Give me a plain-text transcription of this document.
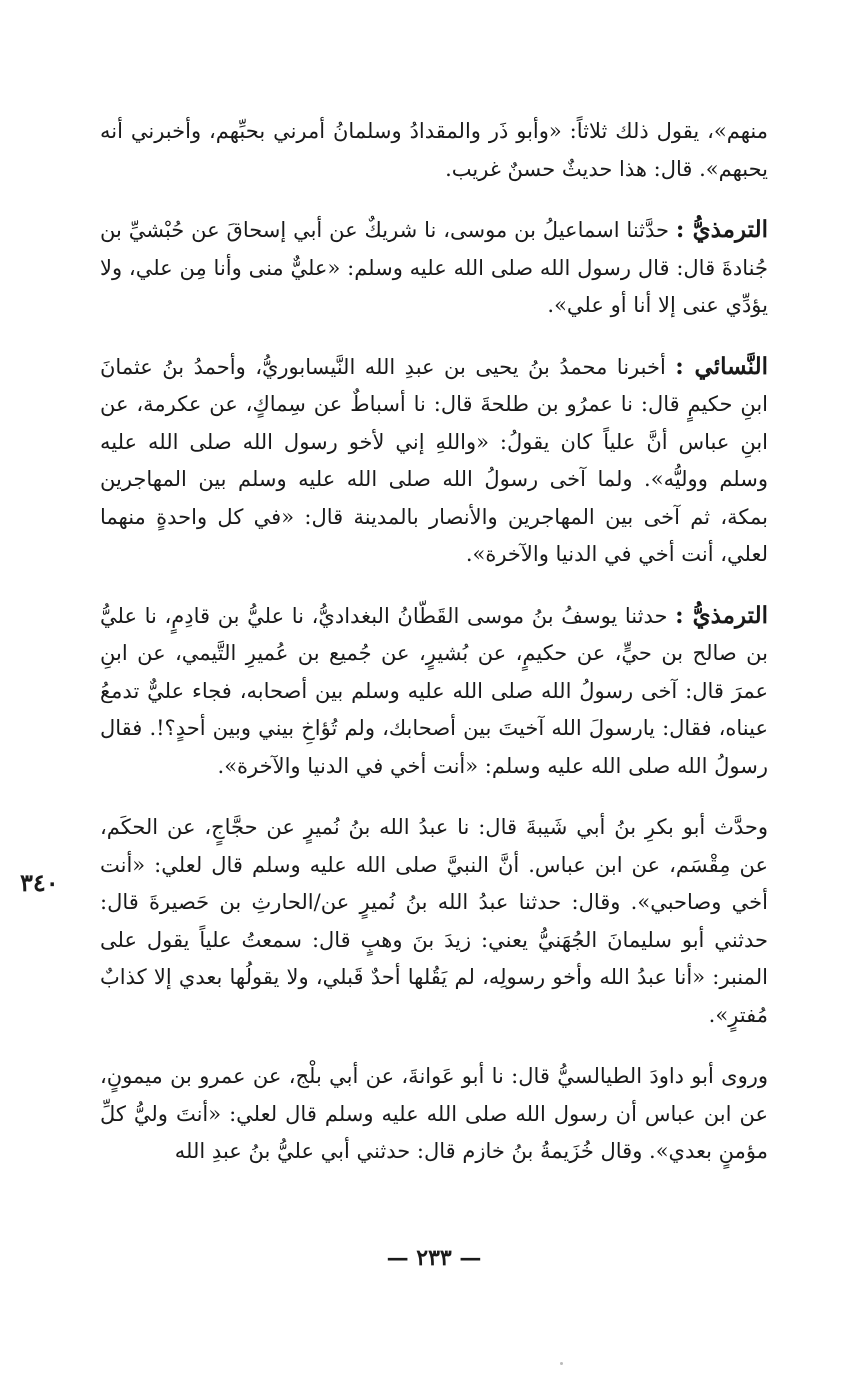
منهم»، يقول ذلك ثلاثاً: «وأبو ذَر والمقدادُ وسلمانُ أمرني بحبِّهم، وأخبرني أنه يحبهم». قال: هذا حديثٌ حسنٌ غريب.

الترمذيُّ : حدَّثنا اسماعيلُ بن موسى، نا شريكٌ عن أبي إسحاقَ عن حُبْشيِّ بن جُنادةَ قال: قال رسول الله صلى الله عليه وسلم: «عليٌّ منى وأنا مِن علي، ولا يؤدِّي عنى إلا أنا أو علي».

النَّسائي : أخبرنا محمدُ بنُ يحيى بن عبدِ الله النَّيسابوريُّ، وأحمدُ بنُ عثمانَ ابنِ حكيمٍ قال: نا عمرُو بن طلحةَ قال: نا أسباطٌ عن سِماكٍ، عن عكرمة، عن ابنِ عباس أنَّ علياً كان يقولُ: «واللهِ إني لأخو رسول الله صلى الله عليه وسلم ووليُّه». ولما آخى رسولُ الله صلى الله عليه وسلم بين المهاجرين بمكة، ثم آخى بين المهاجرين والأنصار بالمدينة قال: «في كل واحدةٍ منهما لعلي، أنت أخي في الدنيا والآخرة».

الترمذيُّ : حدثنا يوسفُ بنُ موسى القَطّانُ البغداديُّ، نا عليُّ بن قادِمٍ، نا عليُّ بن صالح بن حيٍّ، عن حكيمٍ، عن بُشيرٍ، عن جُميع بن عُميرِ التَّيمي، عن ابنِ عمرَ قال: آخى رسولُ الله صلى الله عليه وسلم بين أصحابه، فجاء عليٌّ تدمعُ عيناه، فقال: يارسولَ الله آخيتَ بين أصحابك، ولم تُؤاخِ بيني وبين أحدٍ؟!. فقال رسولُ الله صلى الله عليه وسلم: «أنت أخي في الدنيا والآخرة».

وحدَّث أبو بكرِ بنُ أبي شَيبةَ قال: نا عبدُ الله بنُ نُميرٍ عن حجَّاجٍ، عن الحكَم، عن مِقْسَم، عن ابن عباس. أنَّ النبيَّ صلى الله عليه وسلم قال لعلي: «أنت أخي وصاحبي». وقال: حدثنا عبدُ الله بنُ نُميرٍ عن/الحارثِ بن حَصيرةَ قال: حدثني أبو سليمانَ الجُهَنيُّ يعني: زيدَ بنَ وهبٍ قال: سمعتُ علياً يقول على المنبر: «أنا عبدُ الله وأخو رسولِه، لم يَقُلها أحدٌ قَبلي، ولا يقولُها بعدي إلا كذابٌ مُفترٍ».

وروى أبو داودَ الطيالسيُّ قال: نا أبو عَوانةَ، عن أبي بلْج، عن عمرو بن ميمونٍ، عن ابن عباس أن رسول الله صلى الله عليه وسلم قال لعلي: «أنتَ وليُّ كلِّ مؤمنٍ بعدي». وقال خُزَيمةُ بنُ خازم قال: حدثني أبي عليُّ بنُ عبدِ الله

٣٤٠
— ٢٣٣ —
